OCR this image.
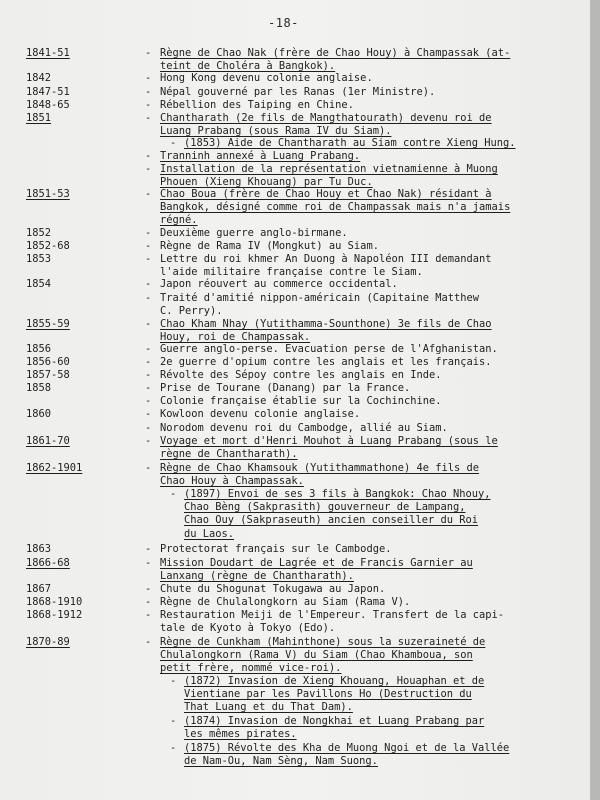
-18-
1841-51	- Règne de Chao Nak (frère de Chao Houy) à Champassak (at-
teint de Choléra à Bangkok).
1842	- Hong Kong devenu colonie anglaise.
1847-51	- Népal gouverné par les Ranas (1er Ministre).
1848-65	- Rébellion des Taiping en Chine.
1851	- Chantharath (2e fils de Mangthatourath) devenu roi de
Luang Prabang (sous Rama IV du Siam).
- (1853) Aide de Chantharath au Siam contre Xieng Hung.
- Tranninh annexé à Luang Prabang.
- Installation de la représentation vietnamienne à Muong
Phouen (Xieng Khouang) par Tu Duc.
1851-53	- Chao Boua (frère de Chao Houy et Chao Nak) résidant à
Bangkok, désigné comme roi de Champassak mais n'a jamais
régné.
1852	- Deuxième guerre anglo-birmane.
1852-68	- Règne de Rama IV (Mongkut) au Siam.
1853	- Lettre du roi khmer An Duong à Napoléon III demandant
l'aide militaire française contre le Siam.
1854	- Japon réouvert au commerce occidental.
- Traité d'amitié nippon-américain (Capitaine Matthew
C. Perry).
1855-59	- Chao Kham Nhay (Yutithamma-Sounthone) 3e fils de Chao
Houy, roi de Champassak.
1856	- Guerre anglo-perse. Evacuation perse de l'Afghanistan.
1856-60	- 2e guerre d'opium contre les anglais et les français.
1857-58	- Révolte des Sépoy contre les anglais en Inde.
1858	- Prise de Tourane (Danang) par la France.
- Colonie française établie sur la Cochinchine.
1860	- Kowloon devenu colonie anglaise.
- Norodom devenu roi du Cambodge, allié au Siam.
1861-70	- Voyage et mort d'Henri Mouhot à Luang Prabang (sous le
règne de Chantharath).
1862-1901	- Règne de Chao Khamsouk (Yutithammathone) 4e fils de
Chao Houy à Champassak.
- (1897) Envoi de ses 3 fils à Bangkok: Chao Nhouy,
Chao Bèng (Sakprasith) gouverneur de Lampang,
Chao Ouy (Sakpraseuth) ancien conseiller du Roi
du Laos.
1863	- Protectorat français sur le Cambodge.
1866-68	- Mission Doudart de Lagrée et de Francis Garnier au
Lanxang (règne de Chantharath).
1867	- Chute du Shogunat Tokugawa au Japon.
1868-1910	- Règne de Chulalongkorn au Siam (Rama V).
1868-1912	- Restauration Meiji de l'Empereur. Transfert de la capi-
tale de Kyoto à Tokyo (Edo).
1870-89	- Règne de Cunkham (Mahinthone) sous la suzeraineté de
Chulalongkorn (Rama V) du Siam (Chao Khamboua, son
petit frère, nommé vice-roi).
- (1872) Invasion de Xieng Khouang, Houaphan et de
Vientiane par les Pavillons Ho (Destruction du
That Luang et du That Dam).
- (1874) Invasion de Nongkhai et Luang Prabang par
les mêmes pirates.
- (1875) Révolte des Kha de Muong Ngoi et de la Vallée
de Nam-Ou, Nam Sèng, Nam Suong.
